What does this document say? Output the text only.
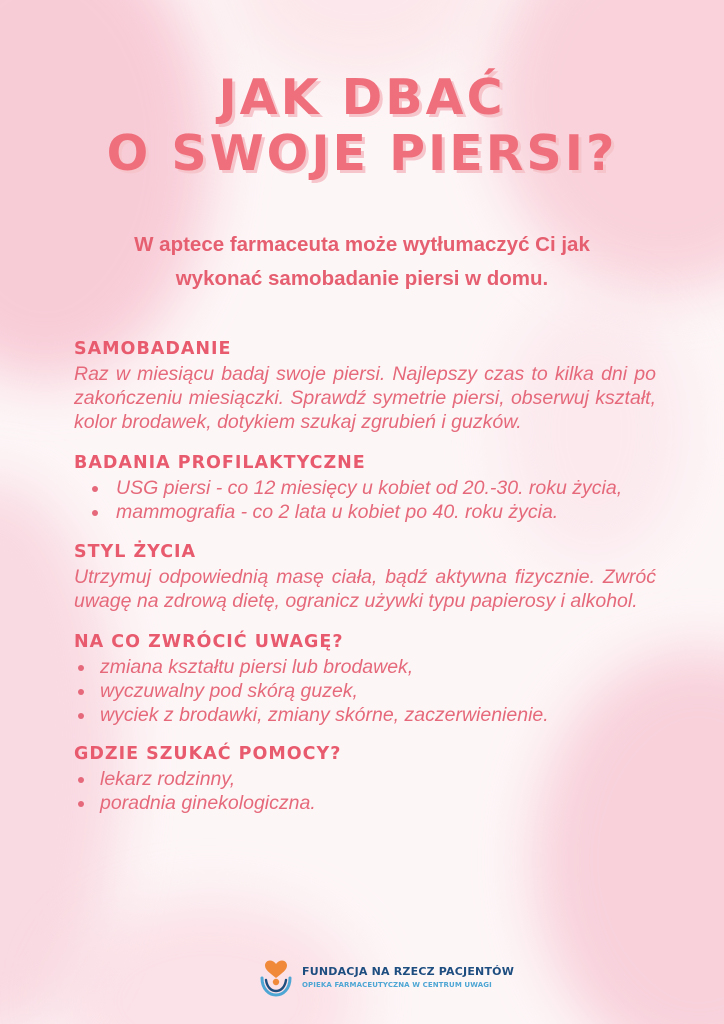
JAK DBAĆ
O SWOJE PIERSI?

W aptece farmaceuta może wytłumaczyć Ci jak wykonać samobadanie piersi w domu.

SAMOBADANIE

Raz w miesiącu badaj swoje piersi. Najlepszy czas to kilka dni po zakończeniu miesiączki. Sprawdź symetrie piersi, obserwuj kształt, kolor brodawek, dotykiem szukaj zgrubień i guzków.

BADANIA PROFILAKTYCZNE
USG piersi - co 12 miesięcy u kobiet od 20.-30. roku życia,
mammografia - co 2 lata u kobiet po 40. roku życia.
STYL ŻYCIA

Utrzymuj odpowiednią masę ciała, bądź aktywna fizycznie. Zwróć uwagę na zdrową dietę, ogranicz używki typu papierosy i alkohol.

NA CO ZWRÓCIĆ UWAGĘ?
zmiana kształtu piersi lub brodawek,
wyczuwalny pod skórą guzek,
wyciek z brodawki, zmiany skórne, zaczerwienienie.
GDZIE SZUKAĆ POMOCY?
lekarz rodzinny,
poradnia ginekologiczna.
FUNDACJA NA RZECZ PACJENTÓW
OPIEKA FARMACEUTYCZNA W CENTRUM UWAGI
